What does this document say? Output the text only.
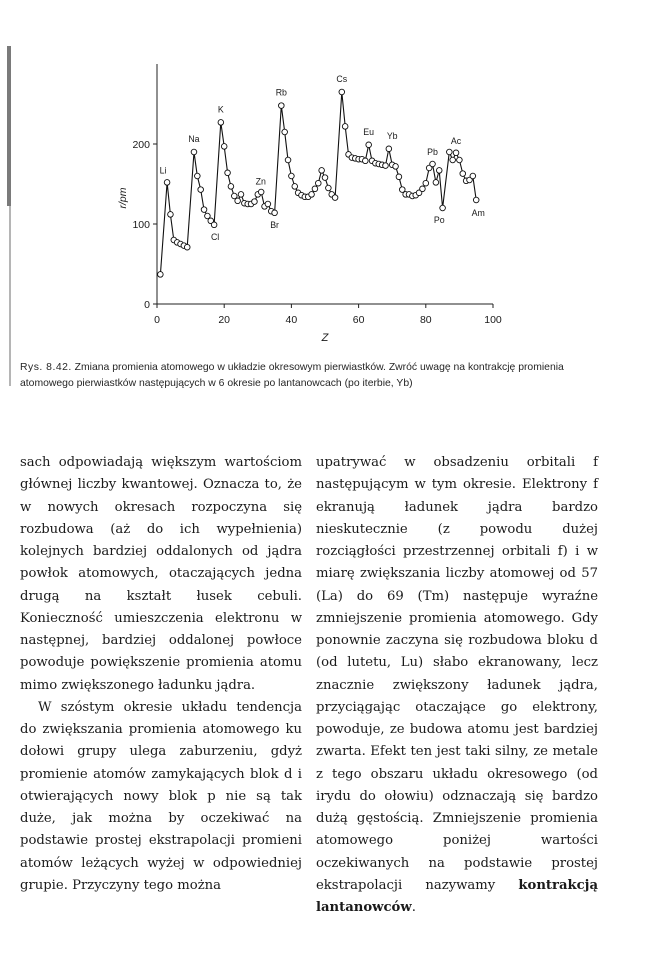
0	20	40	60	80	100
0
100
200
Z
r/pm
Li
Na
K
Cl
Zn
Br
Rb
Cs
Eu Yb
Pb
Ac
Po
Am
Rys. 8.42. Zmiana promienia atomowego w układzie okresowym pierwiastków. Zwróć uwagę na kontrakcję promienia atomowego pierwiastków następujących w 6 okresie po lantanowcach (po iterbie, Yb)

sach odpowiadają większym wartościom głównej liczby kwantowej. Oznacza to, że w nowych okresach rozpoczyna się rozbudowa (aż do ich wypełnienia) kolejnych bardziej oddalonych od jądra powłok atomowych, otaczających jedna drugą na kształt łusek cebuli. Konieczność umieszczenia elektronu w następnej, bardziej oddalonej powłoce powoduje powiększenie promienia atomu mimo zwiększonego ładunku jądra.

W szóstym okresie układu tendencja do zwiększania promienia atomowego ku dołowi grupy ulega zaburzeniu, gdyż promienie atomów zamykających blok d i otwierających nowy blok p nie są tak duże, jak można by oczekiwać na podstawie prostej ekstrapolacji promieni atomów leżących wyżej w odpowiedniej grupie. Przyczyny tego można

upatrywać w obsadzeniu orbitali f następującym w tym okresie. Elektrony f ekranują ładunek jądra bardzo nieskutecznie (z powodu dużej rozciągłości przestrzennej orbitali f) i w miarę zwiększania liczby atomowej od 57 (La) do 69 (Tm) następuje wyraźne zmniejszenie promienia atomowego. Gdy ponownie zaczyna się rozbudowa bloku d (od lutetu, Lu) słabo ekranowany, lecz znacznie zwiększony ładunek jądra, przyciągając otaczające go elektrony, powoduje, ze budowa atomu jest bardziej zwarta. Efekt ten jest taki silny, ze metale z tego obszaru układu okresowego (od irydu do ołowiu) odznaczają się bardzo dużą gęstością. Zmniejszenie promienia atomowego poniżej wartości oczekiwanych na podstawie prostej ekstrapolacji nazywamy kontrakcją lantanowców.
